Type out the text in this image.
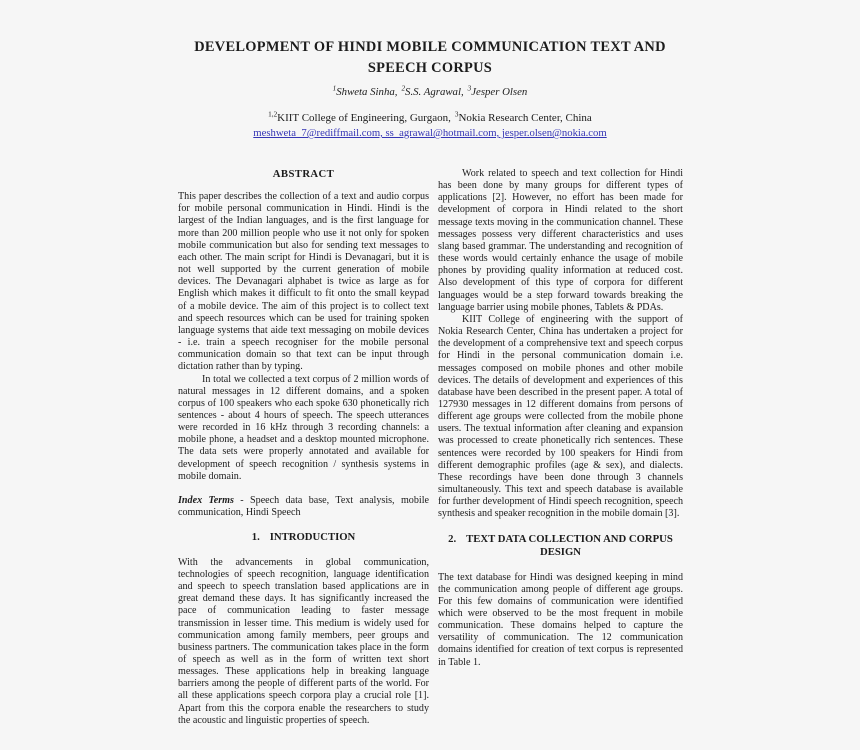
DEVELOPMENT OF HINDI MOBILE COMMUNICATION TEXT AND
SPEECH CORPUS
$^1$Shweta Sinha, $^2$S.S. Agrawal, $^3$Jesper Olsen
$^{1,2}$KIIT College of Engineering, Gurgaon, $^3$Nokia Research Center, China
meshweta_7@rediffmail.com, ss_agrawal@hotmail.com, jesper.olsen@nokia.com
ABSTRACT

This paper describes the collection of a text and audio corpus for mobile personal communication in Hindi. Hindi is the largest of the Indian languages, and is the first language for more than 200 million people who use it not only for spoken mobile communication but also for sending text messages to each other. The main script for Hindi is Devanagari, but it is not well supported by the current generation of mobile devices. The Devanagari alphabet is twice as large as for English which makes it difficult to fit onto the small keypad of a mobile device. The aim of this project is to collect text and speech resources which can be used for training spoken language systems that aide text messaging on mobile devices - i.e. train a speech recogniser for the mobile personal communication domain so that text can be input through dictation rather than by typing.

In total we collected a text corpus of 2 million words of natural messages in 12 different domains, and a spoken corpus of 100 speakers who each spoke 630 phonetically rich sentences - about 4 hours of speech. The speech utterances were recorded in 16 kHz through 3 recording channels: a mobile phone, a headset and a desktop mounted microphone. The data sets were properly annotated and available for development of speech recognition / synthesis systems in mobile domain.

Index Terms - Speech data base, Text analysis, mobile communication, Hindi Speech

1. INTRODUCTION

With the advancements in global communication, technologies of speech recognition, language identification and speech to speech translation based applications are in great demand these days. It has significantly increased the pace of communication leading to faster message transmission in lesser time. This medium is widely used for communication among family members, peer groups and business partners. The communication takes place in the form of speech as well as in the form of written text short messages. These applications help in breaking language barriers among the people of different parts of the world. For all these applications speech corpora play a crucial role [1]. Apart from this the corpora enable the researchers to study the acoustic and linguistic properties of speech.

Work related to speech and text collection for Hindi has been done by many groups for different types of applications [2]. However, no effort has been made for development of corpora in Hindi related to the short message texts moving in the communication channel. These messages possess very different characteristics and uses slang based grammar. The understanding and recognition of these words would certainly enhance the usage of mobile phones by providing quality information at reduced cost. Also development of this type of corpora for different languages would be a step forward towards breaking the language barrier using mobile phones, Tablets & PDAs.

KIIT College of engineering with the support of Nokia Research Center, China has undertaken a project for the development of a comprehensive text and speech corpus for Hindi in the personal communication domain i.e. messages composed on mobile phones and other mobile devices. The details of development and experiences of this database have been described in the present paper. A total of 127930 messages in 12 different domains from persons of different age groups were collected from the mobile phone users. The textual information after cleaning and expansion was processed to create phonetically rich sentences. These sentences were recorded by 100 speakers for Hindi from different demographic profiles (age & sex), and dialects. These recordings have been done through 3 channels simultaneously. This text and speech database is available for further development of Hindi speech recognition, speech synthesis and speaker recognition in the mobile domain [3].

2. TEXT DATA COLLECTION AND CORPUS DESIGN

The text database for Hindi was designed keeping in mind the communication among people of different age groups. For this few domains of communication were identified which were observed to be the most frequent in mobile communication. These domains helped to capture the versatility of communication. The 12 communication domains identified for creation of text corpus is represented in Table 1.
